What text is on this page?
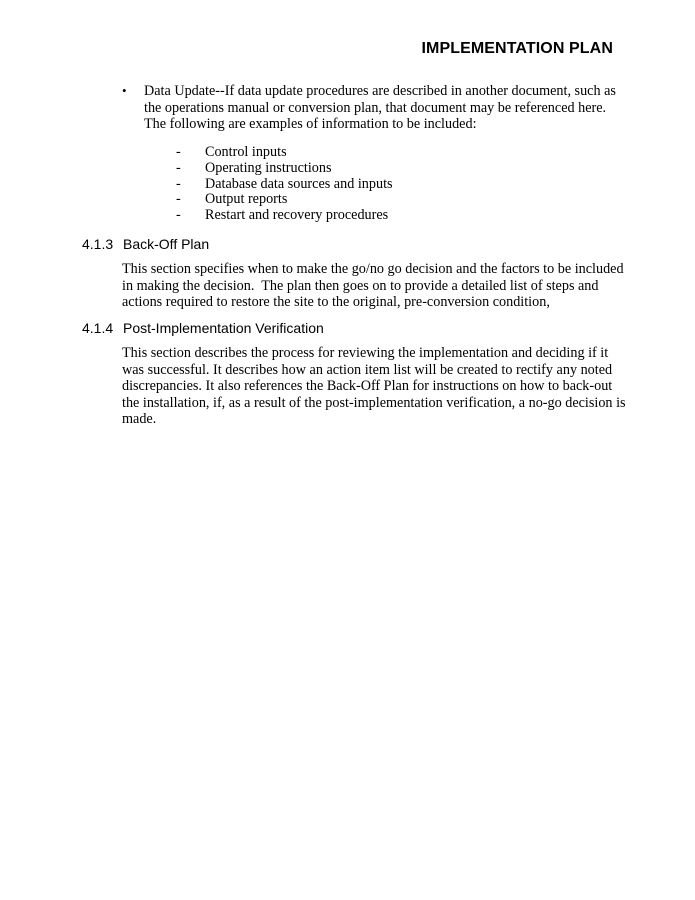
IMPLEMENTATION PLAN
•	Data Update--If data update procedures are described in another document, such as the operations manual or conversion plan, that document may be referenced here. The following are examples of information to be included:
-	Control inputs
-	Operating instructions
-	Database data sources and inputs
-	Output reports
-	Restart and recovery procedures
4.1.3 Back-Off Plan
This section specifies when to make the go/no go decision and the factors to be included
in making the decision.  The plan then goes on to provide a detailed list of steps and
actions required to restore the site to the original, pre-conversion condition,
4.1.4 Post-Implementation Verification
This section describes the process for reviewing the implementation and deciding if it
was successful. It describes how an action item list will be created to rectify any noted
discrepancies. It also references the Back-Off Plan for instructions on how to back-out
the installation, if, as a result of the post-implementation verification, a no-go decision is
made.
